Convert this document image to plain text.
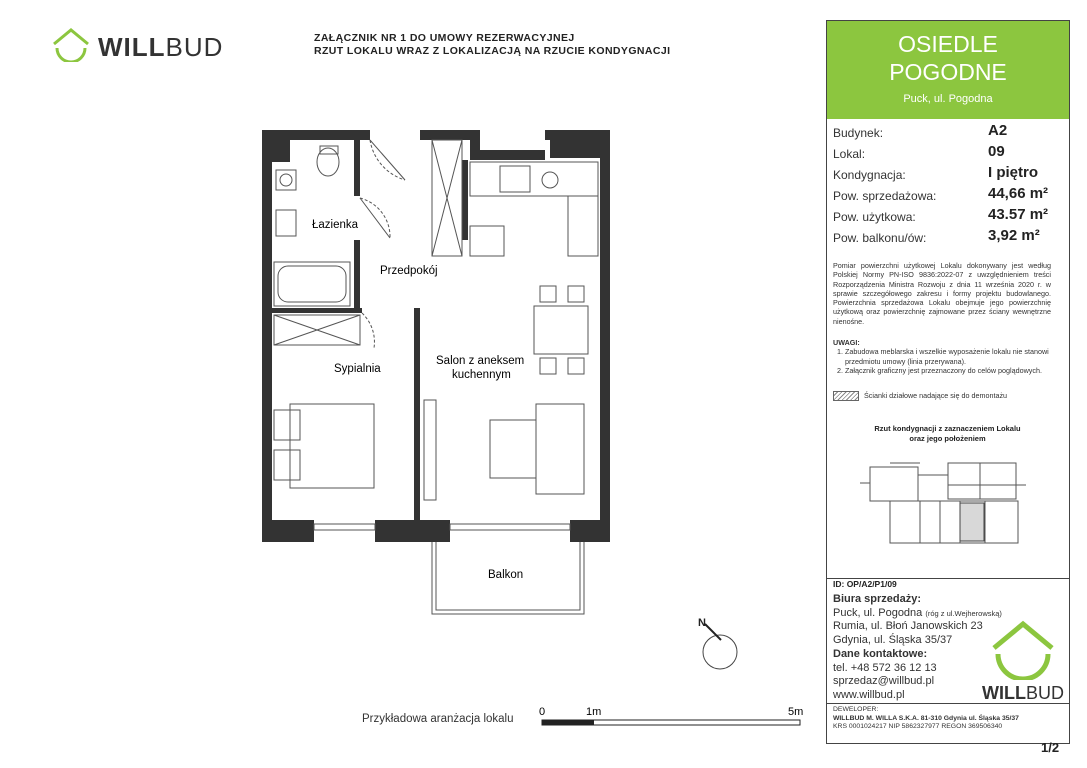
WILLBUD	ZAŁĄCZNIK NR 1 DO UMOWY REZERWACYJNEJ
RZUT LOKALU WRAZ Z LOKALIZACJĄ NA RZUCIE KONDYGNACJI	OSIEDLE
POGODNE
Puck, ul. Pogodna
Budynek:	A2
Lokal:	09
Kondygnacja:	I piętro
Pow. sprzedażowa:	44,66 m²
Pow. użytkowa:	43.57 m²
Pow. balkonu/ów:	3,92 m²
Pomiar powierzchni użytkowej Lokalu dokonywany jest według Polskiej Normy PN-ISO 9836:2022-07 z uwzględnieniem treści Rozporządzenia Ministra Rozwoju z dnia 11 września 2020 r. w sprawie szczegółowego zakresu i formy projektu budowlanego. Powierzchnia sprzedażowa Lokalu obejmuje jego powierzchnię użytkową oraz powierzchnię zajmowane przez ściany wewnętrzne nienośne.
UWAGI:
1. Zabudowa meblarska i wszelkie wyposażenie lokalu nie stanowi przedmiotu umowy (linia przerywana).
2. Załącznik graficzny jest przeznaczony do celów poglądowych.
Ścianki działowe nadające się do demontażu
Rzut kondygnacji z zaznaczeniem Lokalu
oraz jego położeniem
ID: OP/A2/P1/09
Biura sprzedaży:
Puck, ul. Pogodna (róg z ul.Wejherowską)
Rumia, ul. Błoń Janowskich 23
Gdynia, ul. Śląska 35/37
Dane kontaktowe:
tel. +48 572 36 12 13
sprzedaz@willbud.pl
www.willbud.pl	WILLBUD
DEWELOPER:
WILLBUD M. WILLA S.K.A. 81-310 Gdynia ul. Śląska 35/37
KRS 0001024217 NIP 5862327977 REGON 369506340
1/2
Łazienka
Przedpokój
Sypialnia
Salon z aneksem
kuchennym
Balkon
N
Przykładowa aranżacja lokalu
0	1m	5m
